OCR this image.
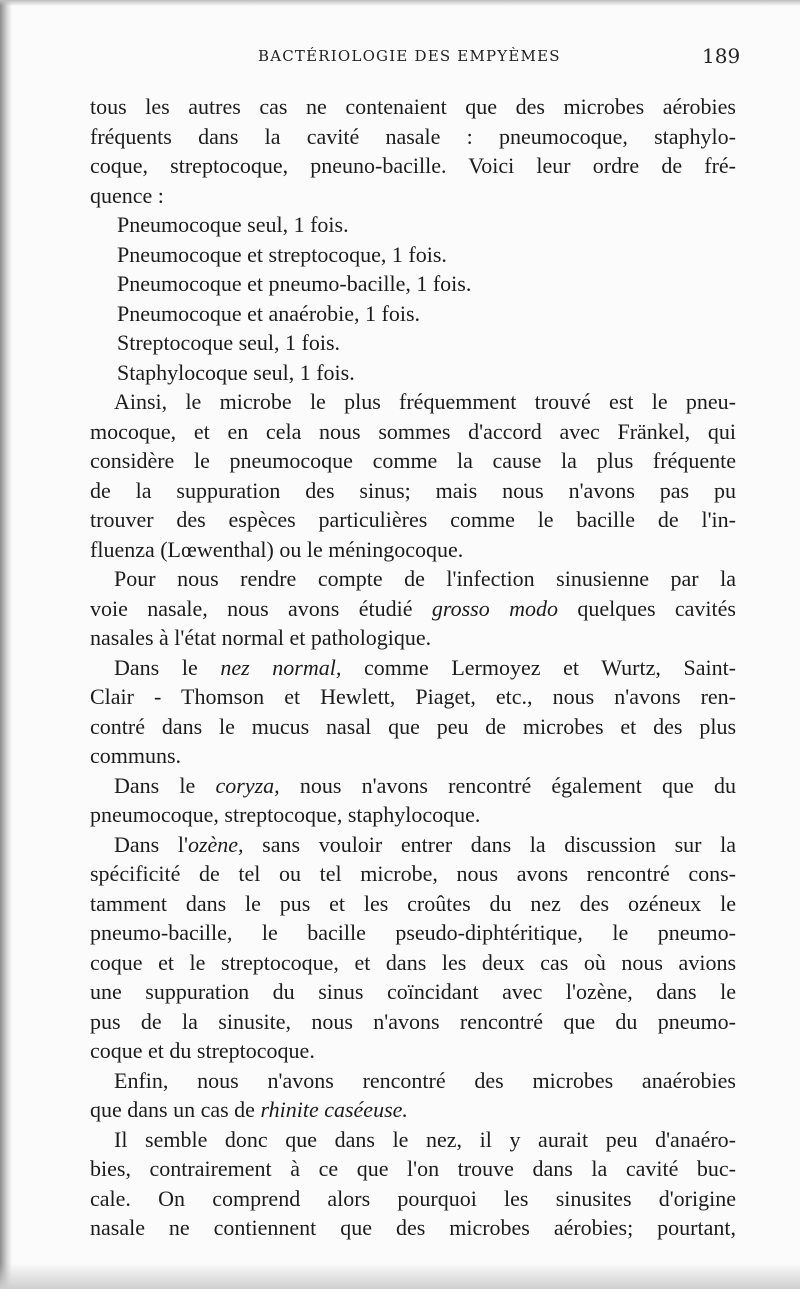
BACTÉRIOLOGIE DES EMPYÈMES	189
tous les autres cas ne contenaient que des microbes aérobies
fréquents dans la cavité nasale : pneumocoque, staphylo-
coque, streptocoque, pneuno-bacille. Voici leur ordre de fré-
quence :
Pneumocoque seul, 1 fois.
Pneumocoque et streptocoque, 1 fois.
Pneumocoque et pneumo-bacille, 1 fois.
Pneumocoque et anaérobie, 1 fois.
Streptocoque seul, 1 fois.
Staphylocoque seul, 1 fois.
Ainsi, le microbe le plus fréquemment trouvé est le pneu-
mocoque, et en cela nous sommes d'accord avec Fränkel, qui
considère le pneumocoque comme la cause la plus fréquente
de la suppuration des sinus; mais nous n'avons pas pu
trouver des espèces particulières comme le bacille de l'in-
fluenza (Lœwenthal) ou le méningocoque.
Pour nous rendre compte de l'infection sinusienne par la
voie nasale, nous avons étudié grosso modo quelques cavités
nasales à l'état normal et pathologique.
Dans le nez normal, comme Lermoyez et Wurtz, Saint-
Clair - Thomson et Hewlett, Piaget, etc., nous n'avons ren-
contré dans le mucus nasal que peu de microbes et des plus
communs.
Dans le coryza, nous n'avons rencontré également que du
pneumocoque, streptocoque, staphylocoque.
Dans l'ozène, sans vouloir entrer dans la discussion sur la
spécificité de tel ou tel microbe, nous avons rencontré cons-
tamment dans le pus et les croûtes du nez des ozéneux le
pneumo-bacille, le bacille pseudo-diphtéritique, le pneumo-
coque et le streptocoque, et dans les deux cas où nous avions
une suppuration du sinus coïncidant avec l'ozène, dans le
pus de la sinusite, nous n'avons rencontré que du pneumo-
coque et du streptocoque.
Enfin, nous n'avons rencontré des microbes anaérobies
que dans un cas de rhinite caséeuse.
Il semble donc que dans le nez, il y aurait peu d'anaéro-
bies, contrairement à ce que l'on trouve dans la cavité buc-
cale. On comprend alors pourquoi les sinusites d'origine
nasale ne contiennent que des microbes aérobies; pourtant,
